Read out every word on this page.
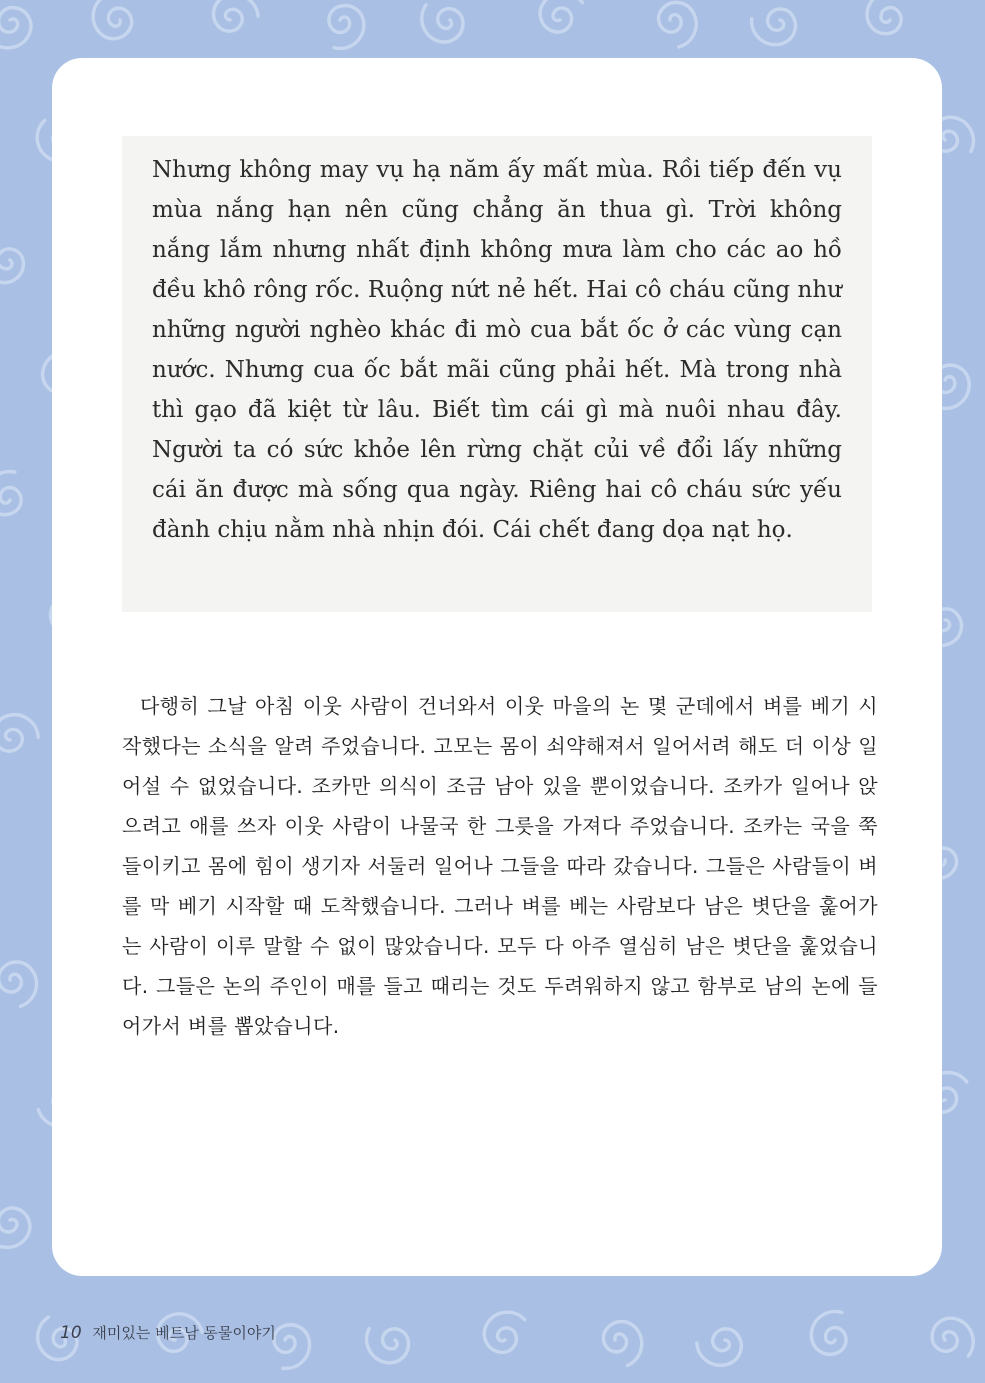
Nhưng không may vụ hạ năm ấy mất mùa. Rồi tiếp đến vụ mùa nắng hạn nên cũng chẳng ăn thua gì. Trời không nắng lắm nhưng nhất định không mưa làm cho các ao hồ đều khô rông rốc. Ruộng nứt nẻ hết. Hai cô cháu cũng như những người nghèo khác đi mò cua bắt ốc ở các vùng cạn nước. Nhưng cua ốc bắt mãi cũng phải hết. Mà trong nhà thì gạo đã kiệt từ lâu. Biết tìm cái gì mà nuôi nhau đây. Người ta có sức khỏe lên rừng chặt củi về đổi lấy những cái ăn được mà sống qua ngày. Riêng hai cô cháu sức yếu đành chịu nằm nhà nhịn đói. Cái chết đang dọa nạt họ.

다행히 그날 아침 이웃 사람이 건너와서 이웃 마을의 논 몇 군데에서 벼를 베기 시작했다는 소식을 알려 주었습니다. 고모는 몸이 쇠약해져서 일어서려 해도 더 이상 일어설 수 없었습니다. 조카만 의식이 조금 남아 있을 뿐이었습니다. 조카가 일어나 앉으려고 애를 쓰자 이웃 사람이 나물국 한 그릇을 가져다 주었습니다. 조카는 국을 쭉 들이키고 몸에 힘이 생기자 서둘러 일어나 그들을 따라 갔습니다. 그들은 사람들이 벼를 막 베기 시작할 때 도착했습니다. 그러나 벼를 베는 사람보다 남은 볏단을 훑어가는 사람이 이루 말할 수 없이 많았습니다. 모두 다 아주 열심히 남은 볏단을 훑었습니다. 그들은 논의 주인이 매를 들고 때리는 것도 두려워하지 않고 함부로 남의 논에 들어가서 벼를 뽑았습니다.

10 재미있는 베트남 동물이야기
